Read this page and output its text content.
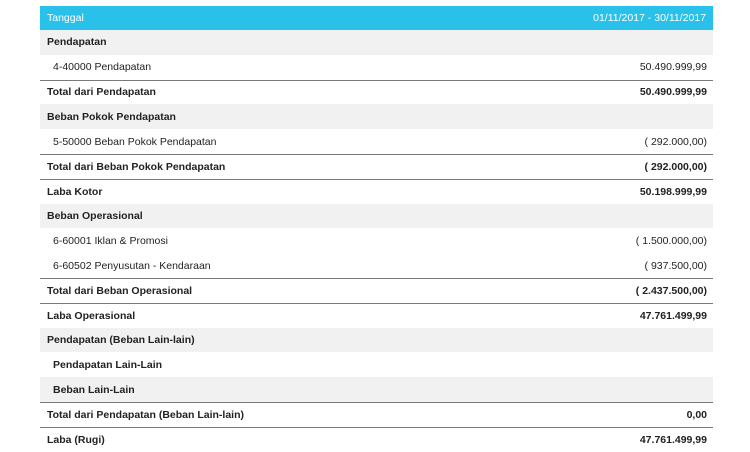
Tanggal	01/11/2017 - 30/11/2017
Pendapatan
4-40000 Pendapatan	50.490.999,99
Total dari Pendapatan	50.490.999,99
Beban Pokok Pendapatan
5-50000 Beban Pokok Pendapatan	( 292.000,00)
Total dari Beban Pokok Pendapatan	( 292.000,00)
Laba Kotor	50.198.999,99
Beban Operasional
6-60001 Iklan & Promosi	( 1.500.000,00)
6-60502 Penyusutan - Kendaraan	( 937.500,00)
Total dari Beban Operasional	( 2.437.500,00)
Laba Operasional	47.761.499,99
Pendapatan (Beban Lain-lain)
Pendapatan Lain-Lain
Beban Lain-Lain
Total dari Pendapatan (Beban Lain-lain)	0,00
Laba (Rugi)	47.761.499,99
